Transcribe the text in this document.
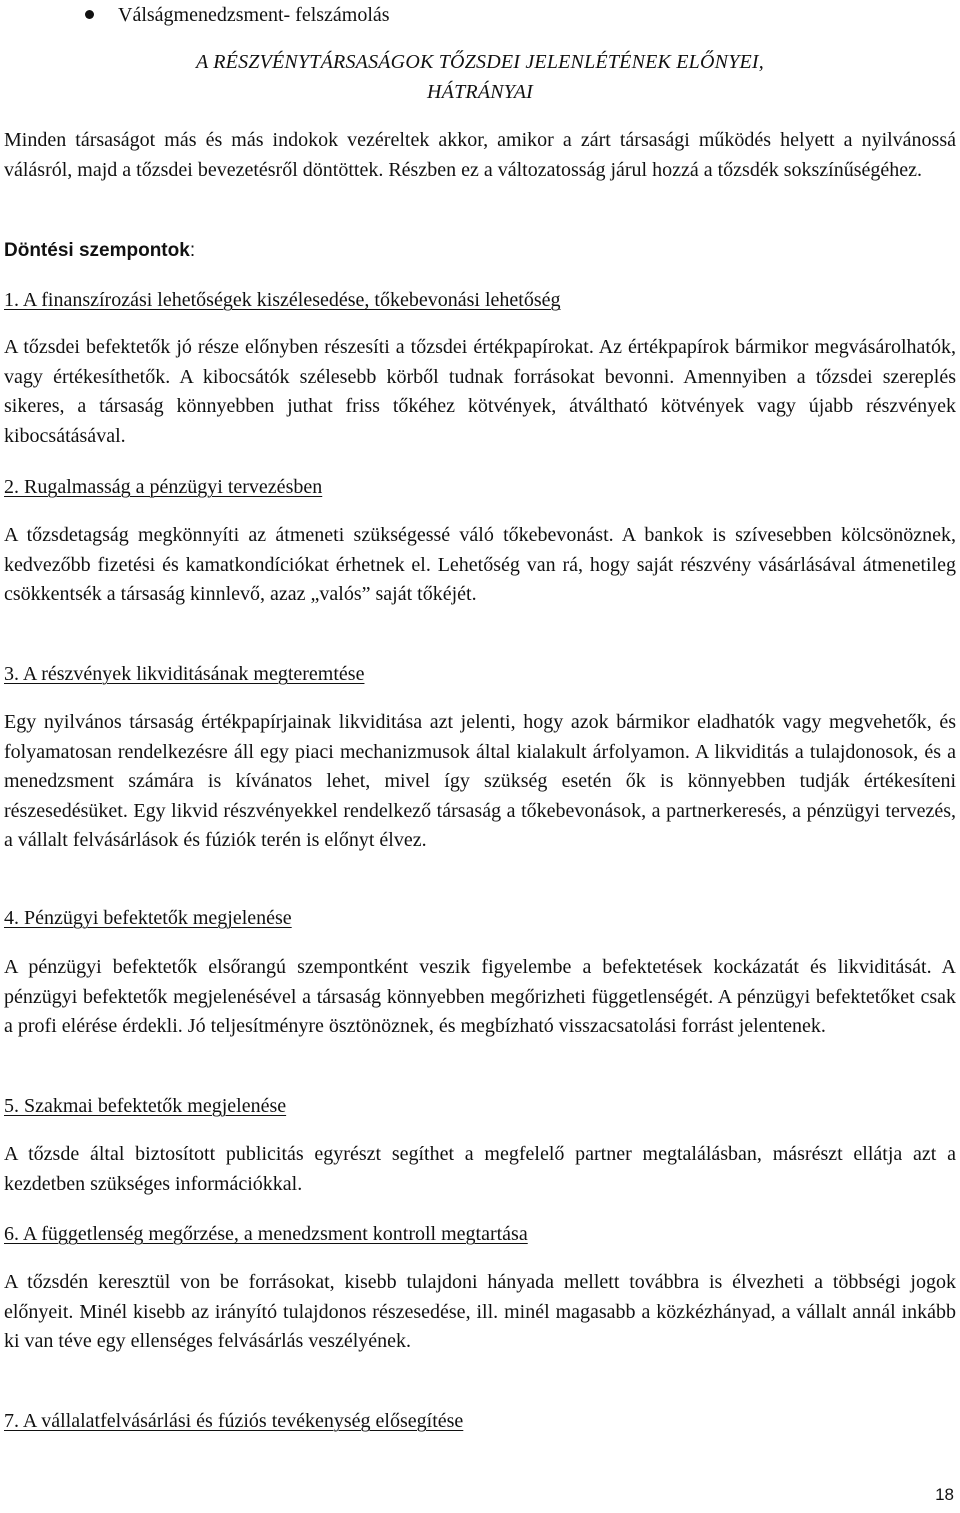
Válságmenedzsment- felszámolás
A RÉSZVÉNYTÁRSASÁGOK TŐZSDEI JELENLÉTÉNEK ELŐNYEI,
HÁTRÁNYAI

Minden társaságot más és más indokok vezéreltek akkor, amikor a zárt társasági működés helyett a nyilvánossá válásról, majd a tőzsdei bevezetésről döntöttek. Részben ez a változatosság járul hozzá a tőzsdék sokszínűségéhez.

Döntési szempontok:
1. A finanszírozási lehetőségek kiszélesedése, tőkebevonási lehetőség

A tőzsdei befektetők jó része előnyben részesíti a tőzsdei értékpapírokat. Az értékpapírok bármikor megvásárolhatók, vagy értékesíthetők. A kibocsátók szélesebb körből tudnak forrásokat bevonni. Amennyiben a tőzsdei szereplés sikeres, a társaság könnyebben juthat friss tőkéhez kötvények, átváltható kötvények vagy újabb részvények kibocsátásával.

2. Rugalmasság a pénzügyi tervezésben

A tőzsdetagság megkönnyíti az átmeneti szükségessé váló tőkebevonást. A bankok is szívesebben kölcsönöznek, kedvezőbb fizetési és kamatkondíciókat érhetnek el. Lehetőség van rá, hogy saját részvény vásárlásával átmenetileg csökkentsék a társaság kinnlevő, azaz „valós” saját tőkéjét.

3. A részvények likviditásának megteremtése

Egy nyilvános társaság értékpapírjainak likviditása azt jelenti, hogy azok bármikor eladhatók vagy megvehetők, és folyamatosan rendelkezésre áll egy piaci mechanizmusok által kialakult árfolyamon. A likviditás a tulajdonosok, és a menedzsment számára is kívánatos lehet, mivel így szükség esetén ők is könnyebben tudják értékesíteni részesedésüket. Egy likvid részvényekkel rendelkező társaság a tőkebevonások, a partnerkeresés, a pénzügyi tervezés, a vállalt felvásárlások és fúziók terén is előnyt élvez.

4. Pénzügyi befektetők megjelenése

A pénzügyi befektetők elsőrangú szempontként veszik figyelembe a befektetések kockázatát és likviditását. A pénzügyi befektetők megjelenésével a társaság könnyebben megőrizheti függetlenségét. A pénzügyi befektetőket csak a profi elérése érdekli. Jó teljesítményre ösztönöznek, és megbízható visszacsatolási forrást jelentenek.

5. Szakmai befektetők megjelenése

A tőzsde által biztosított publicitás egyrészt segíthet a megfelelő partner megtalálásban, másrészt ellátja azt a kezdetben szükséges információkkal.

6. A függetlenség megőrzése, a menedzsment kontroll megtartása

A tőzsdén keresztül von be forrásokat, kisebb tulajdoni hányada mellett továbbra is élvezheti a többségi jogok előnyeit. Minél kisebb az irányító tulajdonos részesedése, ill. minél magasabb a közkézhányad, a vállalt annál inkább ki van téve egy ellenséges felvásárlás veszélyének.

7. A vállalatfelvásárlási és fúziós tevékenység elősegítése
18
